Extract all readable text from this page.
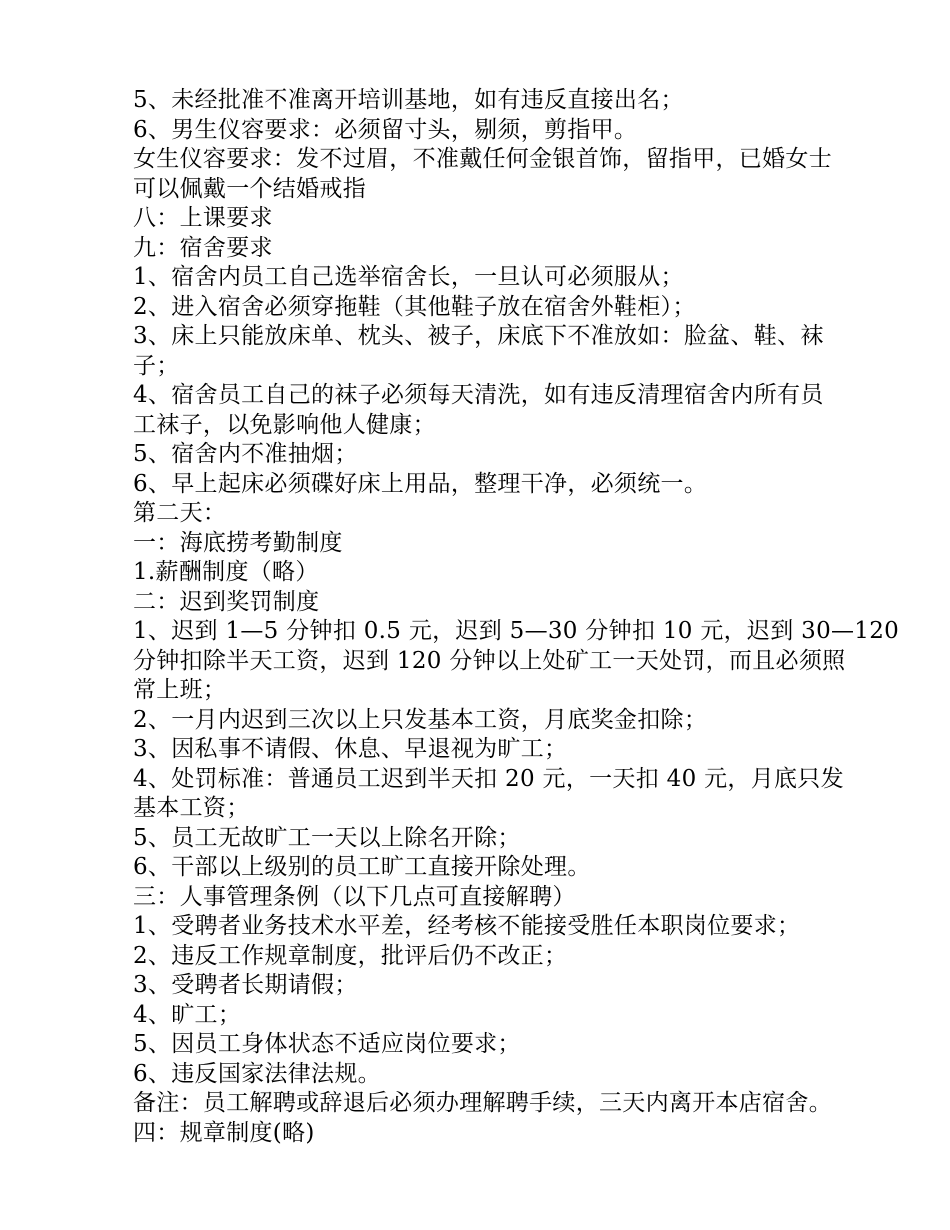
5、未经批准不准离开培训基地，如有违反直接出名；
6、男生仪容要求：必须留寸头，剔须，剪指甲。
女生仪容要求：发不过眉，不准戴任何金银首饰，留指甲，已婚女士
可以佩戴一个结婚戒指
八：上课要求
九：宿舍要求
1、宿舍内员工自己选举宿舍长，一旦认可必须服从；
2、进入宿舍必须穿拖鞋（其他鞋子放在宿舍外鞋柜）；
3、床上只能放床单、枕头、被子，床底下不准放如：脸盆、鞋、袜
子；
4、宿舍员工自己的袜子必须每天清洗，如有违反清理宿舍内所有员
工袜子，以免影响他人健康；
5、宿舍内不准抽烟；
6、早上起床必须碟好床上用品，整理干净，必须统一。
第二天：
一：海底捞考勤制度
1.薪酬制度（略）
二：迟到奖罚制度
1、迟到 1—5 分钟扣 0.5 元，迟到 5—30 分钟扣 10 元，迟到 30—120
分钟扣除半天工资，迟到 120 分钟以上处矿工一天处罚，而且必须照
常上班；
2、一月内迟到三次以上只发基本工资，月底奖金扣除；
3、因私事不请假、休息、早退视为旷工；
4、处罚标准：普通员工迟到半天扣 20 元，一天扣 40 元，月底只发
基本工资；
5、员工无故旷工一天以上除名开除；
6、干部以上级别的员工旷工直接开除处理。
三：人事管理条例（以下几点可直接解聘）
1、受聘者业务技术水平差，经考核不能接受胜任本职岗位要求；
2、违反工作规章制度，批评后仍不改正；
3、受聘者长期请假；
4、旷工；
5、因员工身体状态不适应岗位要求；
6、违反国家法律法规。
备注：员工解聘或辞退后必须办理解聘手续，三天内离开本店宿舍。
四：规章制度(略)
